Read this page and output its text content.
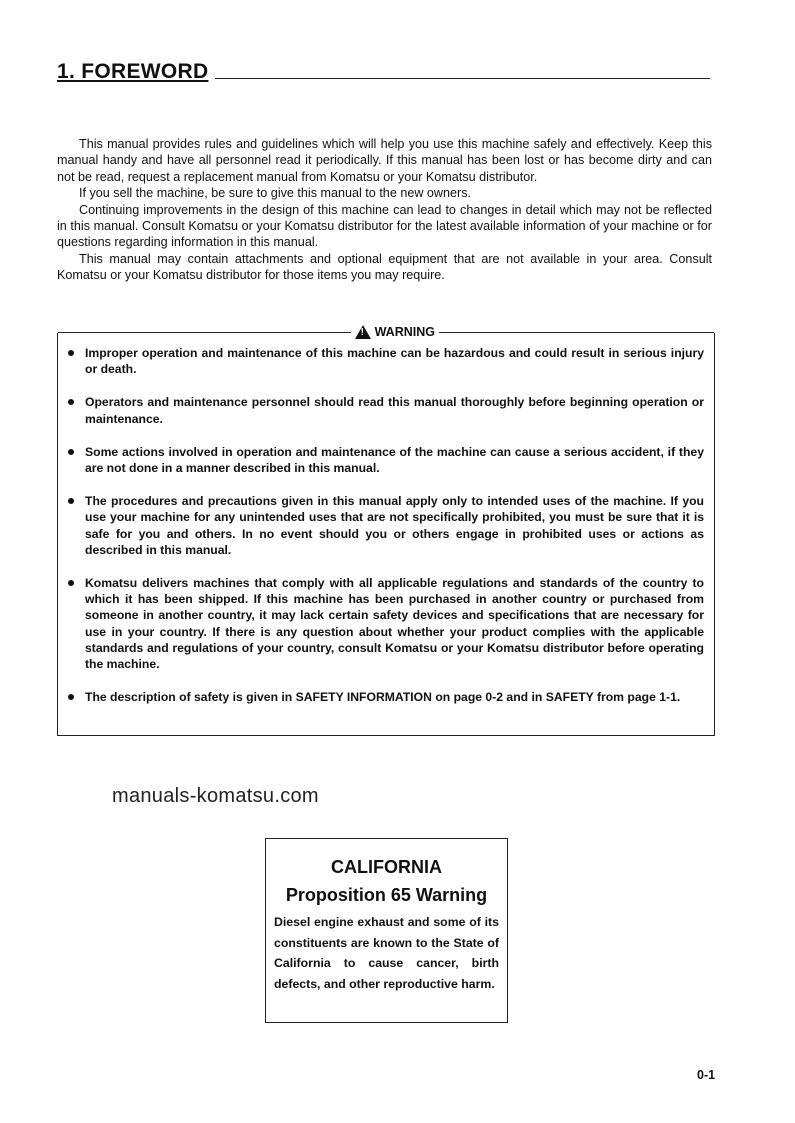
1. FOREWORD

This manual provides rules and guidelines which will help you use this machine safely and effectively. Keep this manual handy and have all personnel read it periodically. If this manual has been lost or has become dirty and can not be read, request a replacement manual from Komatsu or your Komatsu distributor.

If you sell the machine, be sure to give this manual to the new owners.

Continuing improvements in the design of this machine can lead to changes in detail which may not be reflected in this manual. Consult Komatsu or your Komatsu distributor for the latest available information of your machine or for questions regarding information in this manual.

This manual may contain attachments and optional equipment that are not available in your area. Consult Komatsu or your Komatsu distributor for those items you may require.

!
WARNING
Improper operation and maintenance of this machine can be hazardous and could result in serious injury or death.
Operators and maintenance personnel should read this manual thoroughly before beginning operation or maintenance.
Some actions involved in operation and maintenance of the machine can cause a serious accident, if they are not done in a manner described in this manual.
The procedures and precautions given in this manual apply only to intended uses of the machine. If you use your machine for any unintended uses that are not specifically prohibited, you must be sure that it is safe for you and others. In no event should you or others engage in prohibited uses or actions as described in this manual.
Komatsu delivers machines that comply with all applicable regulations and standards of the country to which it has been shipped. If this machine has been purchased in another country or purchased from someone in another country, it may lack certain safety devices and specifications that are necessary for use in your country. If there is any question about whether your product complies with the applicable standards and regulations of your country, consult Komatsu or your Komatsu distributor before operating the machine.
The description of safety is given in SAFETY INFORMATION on page 0-2 and in SAFETY from page 1-1.
manuals-komatsu.com
CALIFORNIA
Proposition 65 Warning
Diesel engine exhaust and some of its constituents are known to the State of California to cause cancer, birth defects, and other reproductive harm.
0-1
